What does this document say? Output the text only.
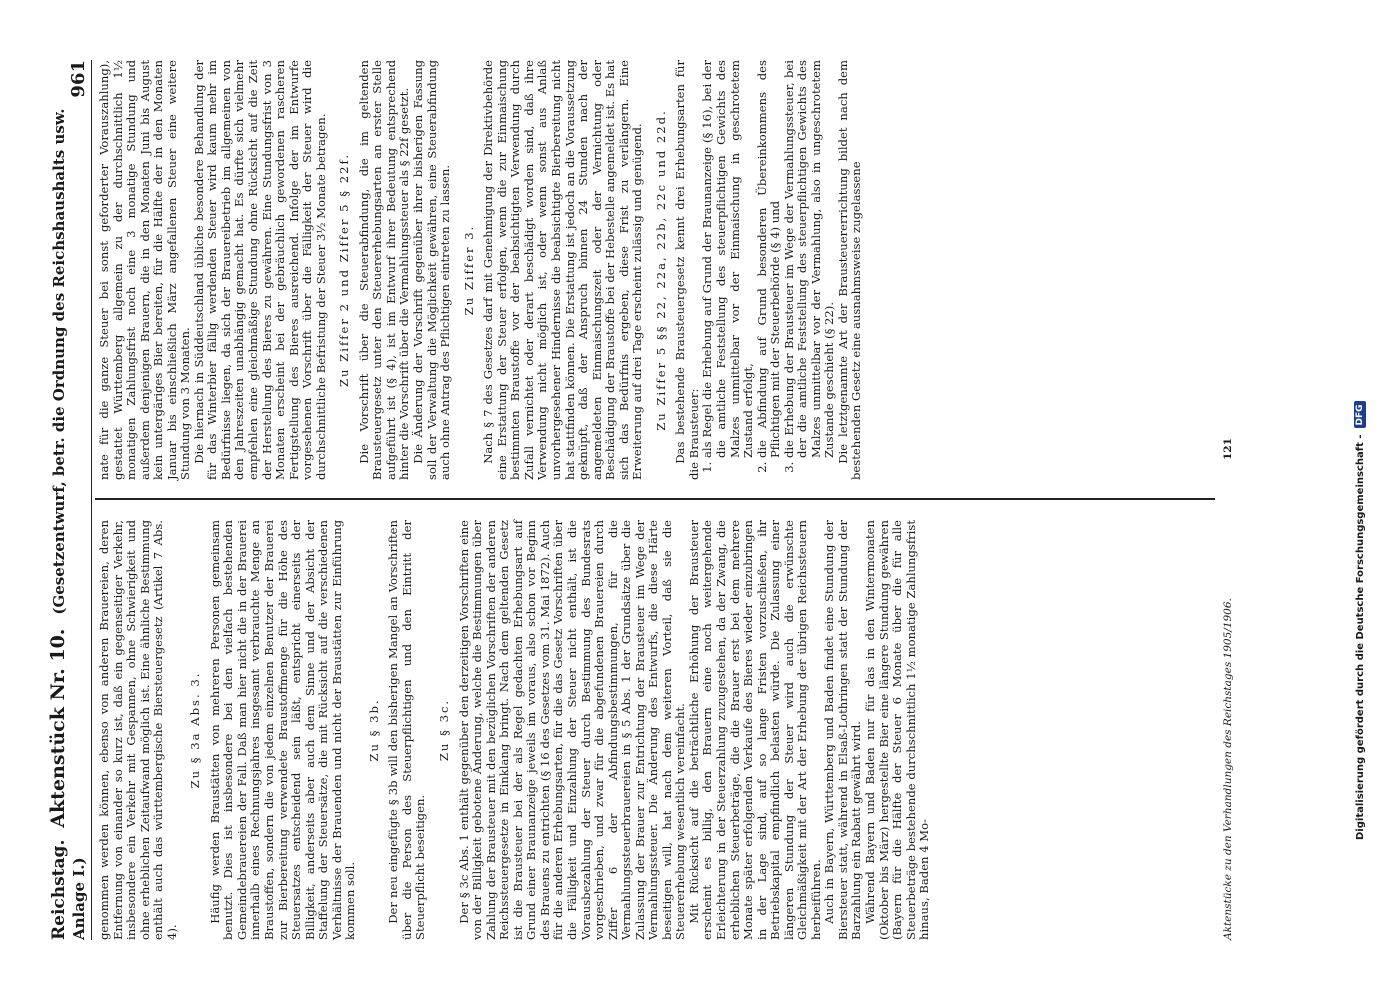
Reichstag. Aktenstück Nr. 10. (Gesetzentwurf, betr. die Ordnung des Reichshaushalts usw. Anlage I.)
961

genommen werden können, ebenso von anderen Brauereien, deren Entfernung von einander so kurz ist, daß ein gegenseitiger Verkehr, insbesondere ein Verkehr mit Gespannen, ohne Schwierigkeit und ohne erheblichen Zeitaufwand möglich ist. Eine ähnliche Bestimmung enthält auch das württembergische Biersteuergesetz (Artikel 7 Abs. 4).

Zu § 3a Abs. 3. Häufig werden Braustätten von mehreren Personen gemeinsam benutzt. Dies ist insbesondere bei den vielfach bestehenden Gemeindebrauereien der Fall. Daß man hier nicht die in der Brauerei innerhalb eines Rechnungsjahres insgesamt verbrauchte Menge an Braustoffen, sondern die von jedem einzelnen Benutzer der Brauerei zur Bierbereitung verwendete Braustoffmenge für die Höhe des Steuersatzes entscheidend sein läßt, entspricht einerseits der Billigkeit, anderseits aber auch dem Sinne und der Absicht der Staffelung der Steuersätze, die mit Rücksicht auf die verschiedenen Verhältnisse der Brauenden und nicht der Braustätten zur Einführung kommen soll.

Zu § 3b. Der neu eingefügte § 3b will den bisherigen Mangel an Vorschriften über die Person des Steuerpflichtigen und den Eintritt der Steuerpflicht beseitigen.

Zu § 3c. Der § 3c Abs. 1 enthält gegenüber den derzeitigen Vorschriften eine von der Billigkeit gebotene Änderung, welche die Bestimmungen über Zahlung der Brausteuer mit den bezüglichen Vorschriften der anderen Reichssteuergesetze in Einklang bringt. Nach dem geltenden Gesetz ist die Brausteuer bei der als Regel gedachten Erhebungsart auf Grund einer Braunanzeige jeweils im voraus, also schon vor Beginn des Brauens zu entrichten (§ 16 des Gesetzes vom 31. Mai 1872). Auch für die anderen Erhebungsarten, für die das Gesetz Vorschriften über die Fälligkeit und Einzahlung der Steuer nicht enthält, ist die Vorausbezahlung der Steuer durch Bestimmung des Bundesrats vorgeschrieben, und zwar für die abgefundenen Brauereien durch Ziffer 6 der Abfindungsbestimmungen, für die Vermahlungssteuerbrauereien in § 5 Abs. 1 der Grundsätze über die Zulassung der Brauer zur Entrichtung der Brausteuer im Wege der Vermahlungssteuer. Die Änderung des Entwurfs, die diese Härte beseitigen will, hat nach dem weiteren Vorteil, daß sie die Steuererhebung wesentlich vereinfacht. Mit Rücksicht auf die beträchtliche Erhöhung der Brausteuer erscheint es billig, den Brauern eine noch weitergehende Erleichterung in der Steuerzahlung zuzugestehen, da der Zwang, die erheblichen Steuerbeträge, die die Brauer erst bei dem mehrere Monate später erfolgenden Verkaufe des Bieres wieder einzubringen in der Lage sind, auf so lange Fristen vorzuschießen, ihr Betriebskapital empfindlich belasten würde. Die Zulassung einer längeren Stundung der Steuer wird auch die erwünschte Gleichmäßigkeit mit der Art der Erhebung der übrigen Reichssteuern herbeiführen. Auch in Bayern, Württemberg und Baden findet eine Stundung der Biersteuer statt, während in Elsaß-Lothringen statt der Stundung der Barzahlung ein Rabatt gewährt wird. Während Bayern und Baden nur für das in den Wintermonaten (Oktober bis März) hergestellte Bier eine längere Stundung gewähren (Bayern für die Hälfte der Steuer 6 Monate über die für alle Steuerbeträge bestehende durchschnittlich 1½ monatige Zahlungsfrist hinaus, Baden 4 Mo-

nate für die ganze Steuer bei sonst geforderter Vorauszahlung), gestattet Württemberg allgemein zu der durchschnittlich 1½ monatigen Zahlungsfrist noch eine 3 monatige Stundung und außerdem denjenigen Brauern, die in den Monaten Juni bis August kein untergäriges Bier bereiten, für die Hälfte der in den Monaten Januar bis einschließlich März angefallenen Steuer eine weitere Stundung von 3 Monaten. Die hiernach in Süddeutschland übliche besondere Behandlung der für das Winterbier fällig werdenden Steuer wird kaum mehr im Bedürfnisse liegen, da sich der Brauereibetrieb im allgemeinen von den Jahreszeiten unabhängig gemacht hat. Es dürfte sich vielmehr empfehlen eine gleichmäßige Stundung ohne Rücksicht auf die Zeit der Herstellung des Bieres zu gewähren. Eine Stundungsfrist von 3 Monaten erscheint bei der gebräuchlich gewordenen rascheren Fertigstellung des Bieres ausreichend. Infolge der im Entwurfe vorgesehenen Vorschrift über die Fälligkeit der Steuer wird die durchschnittliche Befristung der Steuer 3½ Monate betragen. Zu Ziffer 2 und Ziffer 5 § 22f. Die Vorschrift über die Steuerabfindung, die im geltenden Brausteuergesetz unter den Steuererhebungsarten an erster Stelle aufgeführt ist (§ 4), ist im Entwurf ihrer Bedeutung entsprechend hinter die Vorschrift über die Vermahlungssteuer als § 22f gesetzt. Die Änderung der Vorschrift gegenüber ihrer bisherigen Fassung soll der Verwaltung die Möglichkeit gewähren, eine Steuerabfindung auch ohne Antrag des Pflichtigen eintreten zu lassen. Zu Ziffer 3. Nach § 7 des Gesetzes darf mit Genehmigung der Direktivbehörde eine Erstattung der Steuer erfolgen, wenn die zur Einmaischung bestimmten Braustoffe vor der beabsichtigten Verwendung durch Zufall vernichtet oder derart beschädigt worden sind, daß ihre Verwendung nicht möglich ist, oder wenn sonst aus Anlaß unvorhergesehener Hindernisse die beabsichtigte Bierbereitung nicht hat stattfinden können. Die Erstattung ist jedoch an die Voraussetzung geknüpft, daß der Anspruch binnen 24 Stunden nach der angemeldeten Einmaischungszeit oder der Vernichtung oder Beschädigung der Braustoffe bei der Hebestelle angemeldet ist. Es hat sich das Bedürfnis ergeben, diese Frist zu verlängern. Eine Erweiterung auf drei Tage erscheint zulässig und genügend. Zu Ziffer 5 §§ 22, 22a, 22b, 22c und 22d. Das bestehende Brausteuergesetz kennt drei Erhebungsarten für die Brausteuer: 1. als Regel die Erhebung auf Grund der Braunanzeige (§ 16), bei der die amtliche Feststellung des steuerpflichtigen Gewichts des Malzes unmittelbar vor der Einmaischung in geschrotetem Zustand erfolgt, 2. die Abfindung auf Grund besonderen Übereinkommens des Pflichtigen mit der Steuerbehörde (§ 4) und 3. die Erhebung der Brausteuer im Wege der Vermahlungssteuer, bei der die amtliche Feststellung des steuerpflichtigen Gewichts des Malzes unmittelbar vor der Vermahlung, also in ungeschrotetem Zustande geschieht (§ 22). Die letztgenannte Art der Brausteuererrichtung bildet nach dem bestehenden Gesetz eine ausnahmsweise zugelassene

Aktenstücke zu den Verhandlungen des Reichstages 1905/1906.
121	Digitalisierung gefördert durch die Deutsche Forschungsgemeinschaft -
DFG
